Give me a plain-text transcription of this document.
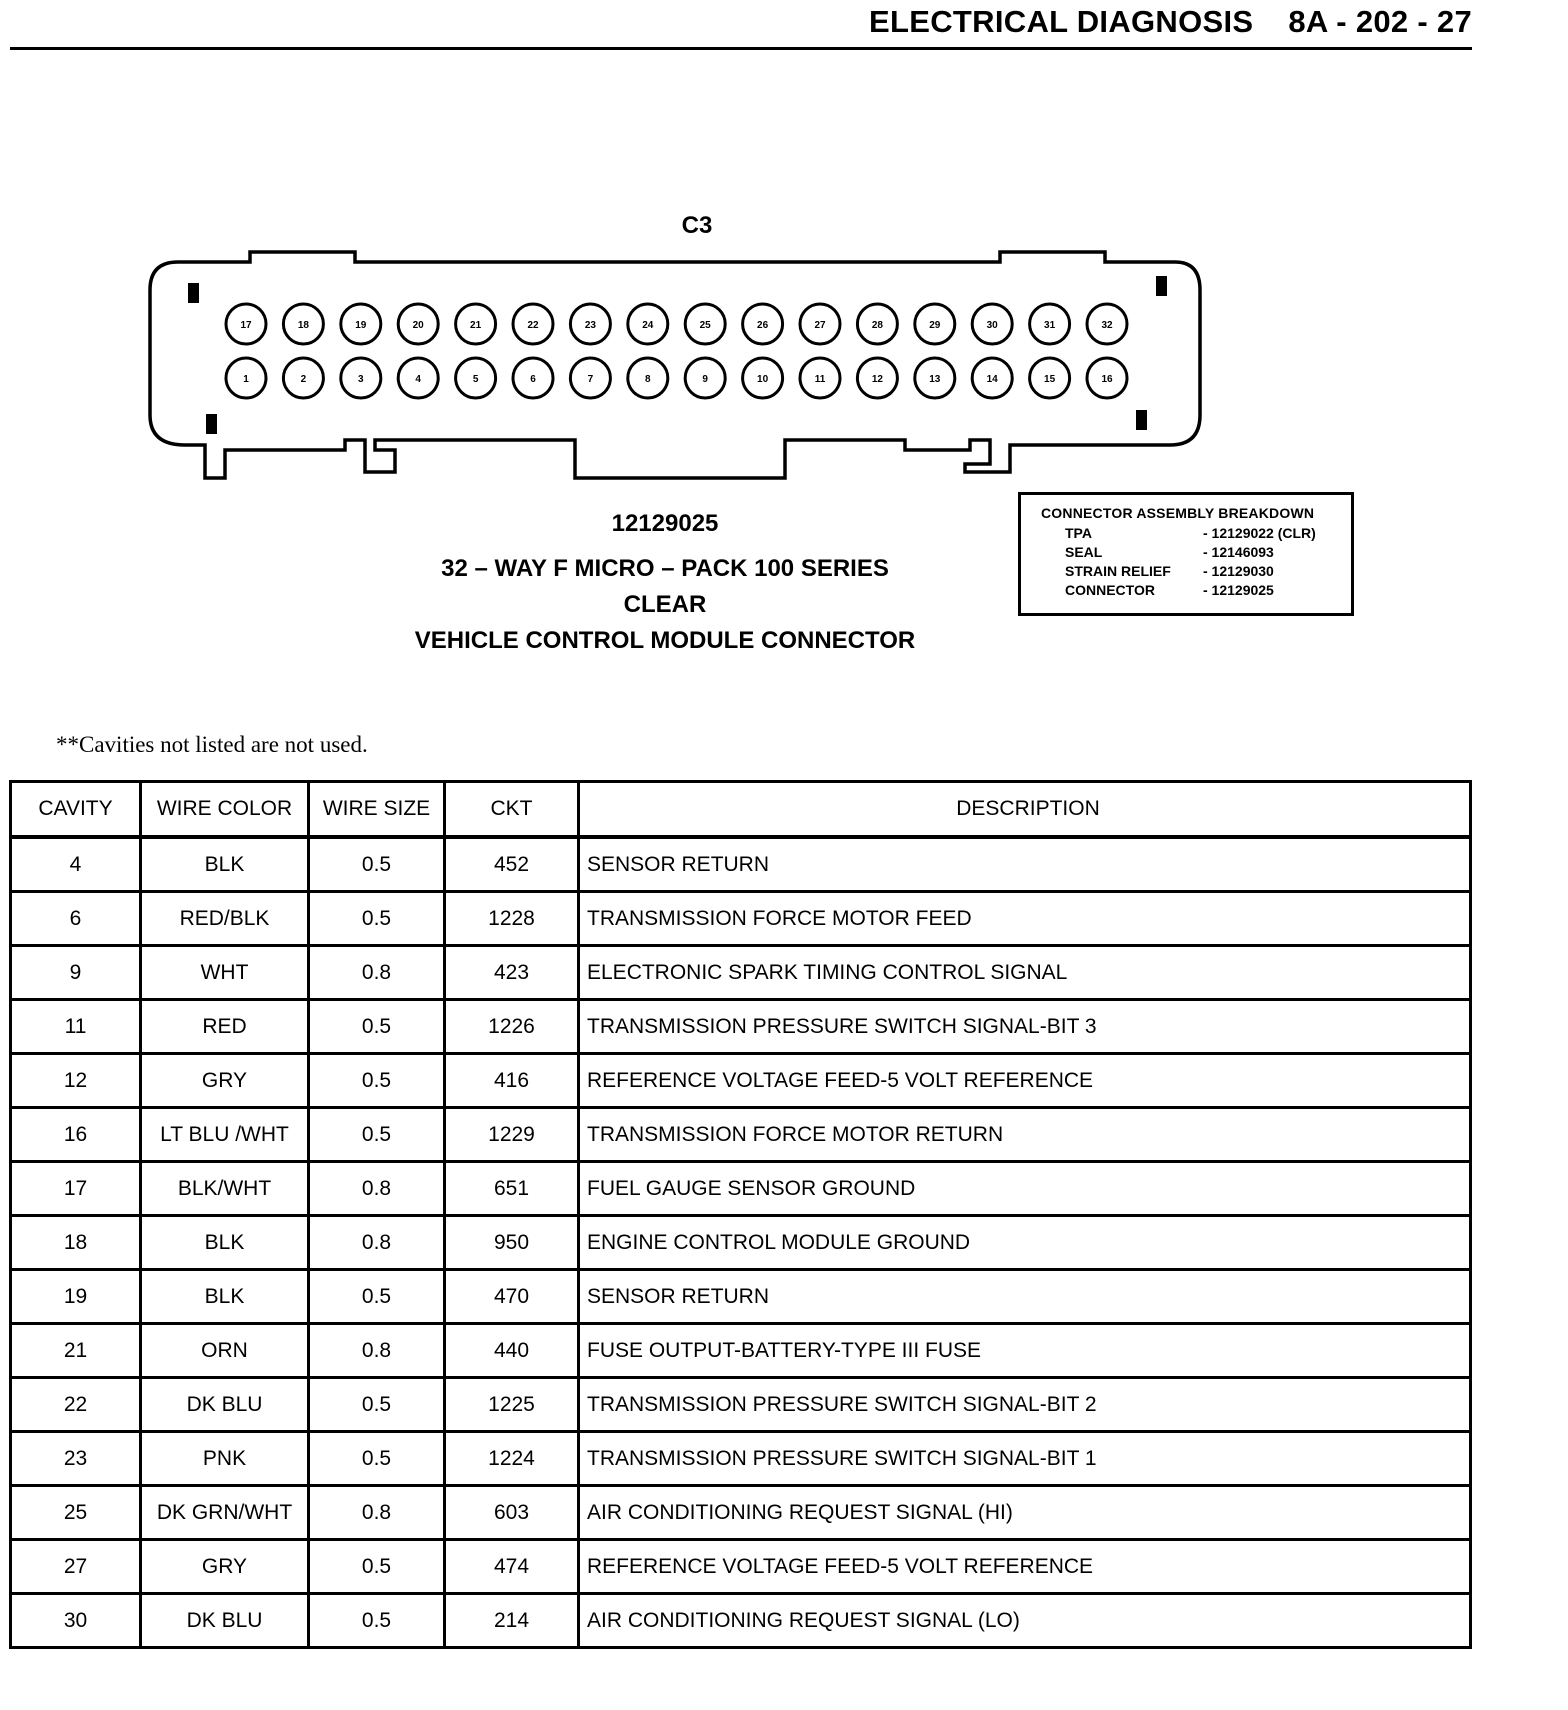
ELECTRICAL DIAGNOSIS 8A - 202 - 27
C3
17	18	19	20	21	22	23	24	25	26	27	28	29	30	31	32
1	2	3	4	5	6	7	8	9	10	11	12	13	14	15	16
12129025
32 – WAY F MICRO – PACK 100 SERIES
CLEAR
VEHICLE CONTROL MODULE CONNECTOR
CONNECTOR ASSEMBLY BREAKDOWN
TPA	- 12129022 (CLR)
SEAL	- 12146093
STRAIN RELIEF	- 12129030
CONNECTOR	- 12129025
**Cavities not listed are not used.
CAVITY	WIRE COLOR	WIRE SIZE	CKT	DESCRIPTION
4	BLK	0.5	452	SENSOR RETURN
6	RED/BLK	0.5	1228	TRANSMISSION FORCE MOTOR FEED
9	WHT	0.8	423	ELECTRONIC SPARK TIMING CONTROL SIGNAL
11	RED	0.5	1226	TRANSMISSION PRESSURE SWITCH SIGNAL-BIT 3
12	GRY	0.5	416	REFERENCE VOLTAGE FEED-5 VOLT REFERENCE
16	LT BLU /WHT	0.5	1229	TRANSMISSION FORCE MOTOR RETURN
17	BLK/WHT	0.8	651	FUEL GAUGE SENSOR GROUND
18	BLK	0.8	950	ENGINE CONTROL MODULE GROUND
19	BLK	0.5	470	SENSOR RETURN
21	ORN	0.8	440	FUSE OUTPUT-BATTERY-TYPE III FUSE
22	DK BLU	0.5	1225	TRANSMISSION PRESSURE SWITCH SIGNAL-BIT 2
23	PNK	0.5	1224	TRANSMISSION PRESSURE SWITCH SIGNAL-BIT 1
25	DK GRN/WHT	0.8	603	AIR CONDITIONING REQUEST SIGNAL (HI)
27	GRY	0.5	474	REFERENCE VOLTAGE FEED-5 VOLT REFERENCE
30	DK BLU	0.5	214	AIR CONDITIONING REQUEST SIGNAL (LO)
